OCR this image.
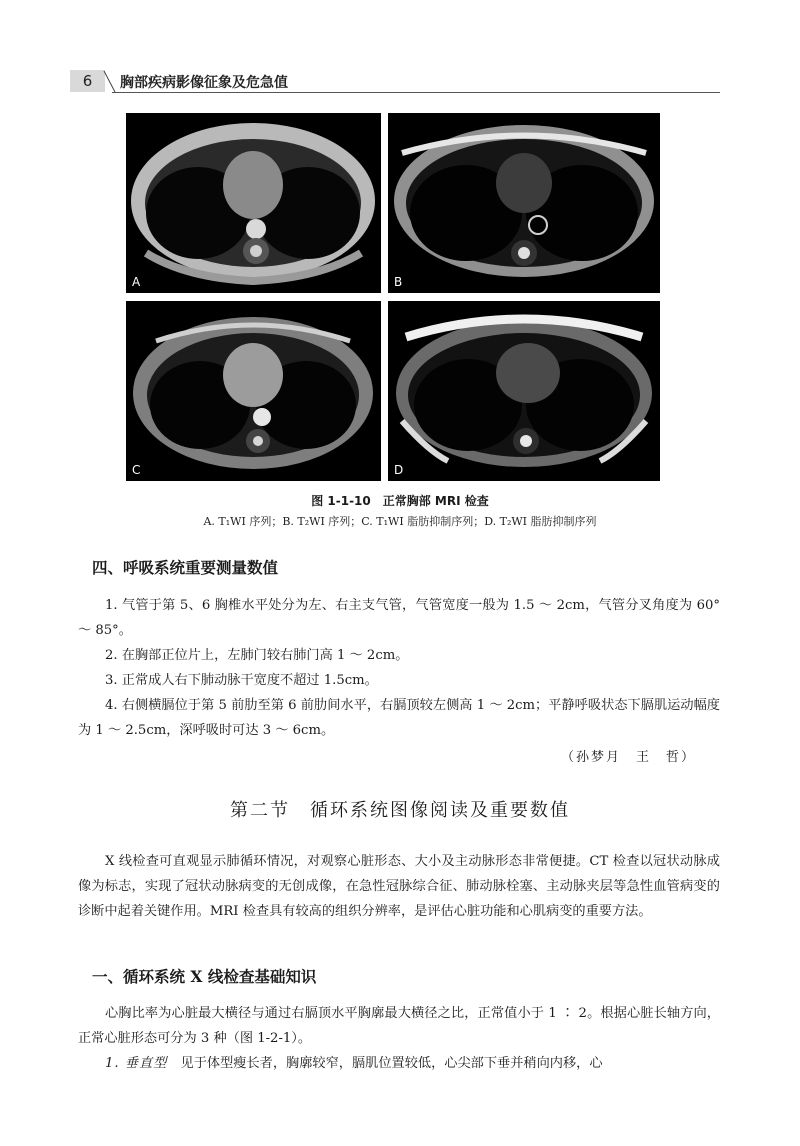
6	胸部疾病影像征象及危急值
A	B
C	D
图 1-1-10　正常胸部 MRI 检查
A. T₁WI 序列；B. T₂WI 序列；C. T₁WI 脂肪抑制序列；D. T₂WI 脂肪抑制序列
四、呼吸系统重要测量数值
1. 气管于第 5、6 胸椎水平处分为左、右主支气管，气管宽度一般为 1.5 ～ 2cm，气管分叉角度为 60° ～ 85°。
2. 在胸部正位片上，左肺门较右肺门高 1 ～ 2cm。
3. 正常成人右下肺动脉干宽度不超过 1.5cm。
4. 右侧横膈位于第 5 前肋至第 6 前肋间水平，右膈顶较左侧高 1 ～ 2cm；平静呼吸状态下膈肌运动幅度为 1 ～ 2.5cm，深呼吸时可达 3 ～ 6cm。
（孙梦月　王　哲）
第二节　循环系统图像阅读及重要数值
X 线检查可直观显示肺循环情况，对观察心脏形态、大小及主动脉形态非常便捷。CT 检查以冠状动脉成像为标志，实现了冠状动脉病变的无创成像，在急性冠脉综合征、肺动脉栓塞、主动脉夹层等急性血管病变的诊断中起着关键作用。MRI 检查具有较高的组织分辨率，是评估心脏功能和心肌病变的重要方法。
一、循环系统 X 线检查基础知识
心胸比率为心脏最大横径与通过右膈顶水平胸廓最大横径之比，正常值小于 1 ∶ 2。根据心脏长轴方向，正常心脏形态可分为 3 种（图 1-2-1）。
1. 垂直型　见于体型瘦长者，胸廓较窄，膈肌位置较低，心尖部下垂并稍向内移，心
